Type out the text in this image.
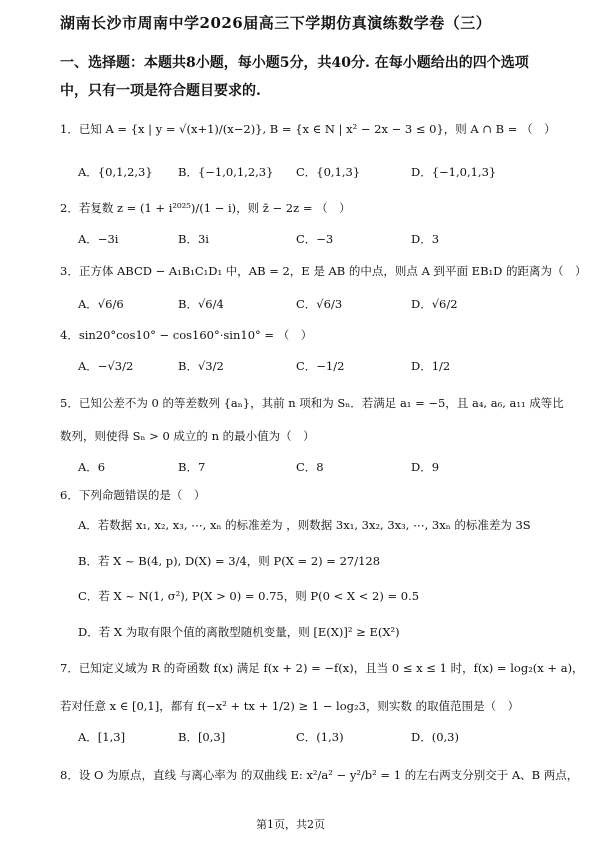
湖南长沙市周南中学2026届高三下学期仿真演练数学卷（三）
一、选择题：本题共8小题，每小题5分，共40分. 在每小题给出的四个选项
中，只有一项是符合题目要求的.
1．已知 A = {x | y = √(x+1)/(x−2)}, B = {x ∈ N | x² − 2x − 3 ≤ 0}，则 A ∩ B = （　）
A．{0,1,2,3} B．{−1,0,1,2,3} C．{0,1,3}	D．{−1,0,1,3}
2．若复数 z = (1 + i²⁰²⁵)/(1 − i)，则 z̄ − 2z = （　）
A．−3i	B．3i	C．−3	D．3
3．正方体 ABCD − A₁B₁C₁D₁ 中，AB = 2，E 是 AB 的中点，则点 A 到平面 EB₁D 的距离为（　）
A．√6/6	B．√6/4	C．√6/3	D．√6/2
4．sin20°cos10° − cos160°·sin10° = （　）
A．−√3/2	B．√3/2	C．−1/2	D．1/2
5．已知公差不为 0 的等差数列 {aₙ}，其前 n 项和为 Sₙ．若满足 a₁ = −5，且 a₄, a₆, a₁₁ 成等比
数列，则使得 Sₙ > 0 成立的 n 的最小值为（　）
A．6	B．7	C．8	D．9
6．下列命题错误的是（　）
A．若数据 x₁, x₂, x₃, ⋯, xₙ 的标准差为 ，则数据 3x₁, 3x₂, 3x₃, ⋯, 3xₙ 的标准差为 3S
B．若 X ~ B(4, p), D(X) = 3/4，则 P(X = 2) = 27/128
C．若 X ~ N(1, σ²), P(X > 0) = 0.75，则 P(0 < X < 2) = 0.5
D．若 X 为取有限个值的离散型随机变量，则 [E(X)]² ≥ E(X²)
7．已知定义域为 R 的奇函数 f(x) 满足 f(x + 2) = −f(x)，且当 0 ≤ x ≤ 1 时，f(x) = log₂(x + a)，
若对任意 x ∈ [0,1]，都有 f(−x² + tx + 1/2) ≥ 1 − log₂3，则实数 的取值范围是（　）
A．[1,3]	B．[0,3]	C．(1,3)	D．(0,3)
8．设 O 为原点，直线 与离心率为 的双曲线 E: x²/a² − y²/b² = 1 的左右两支分别交于 A、B 两点，
第1页，共2页
